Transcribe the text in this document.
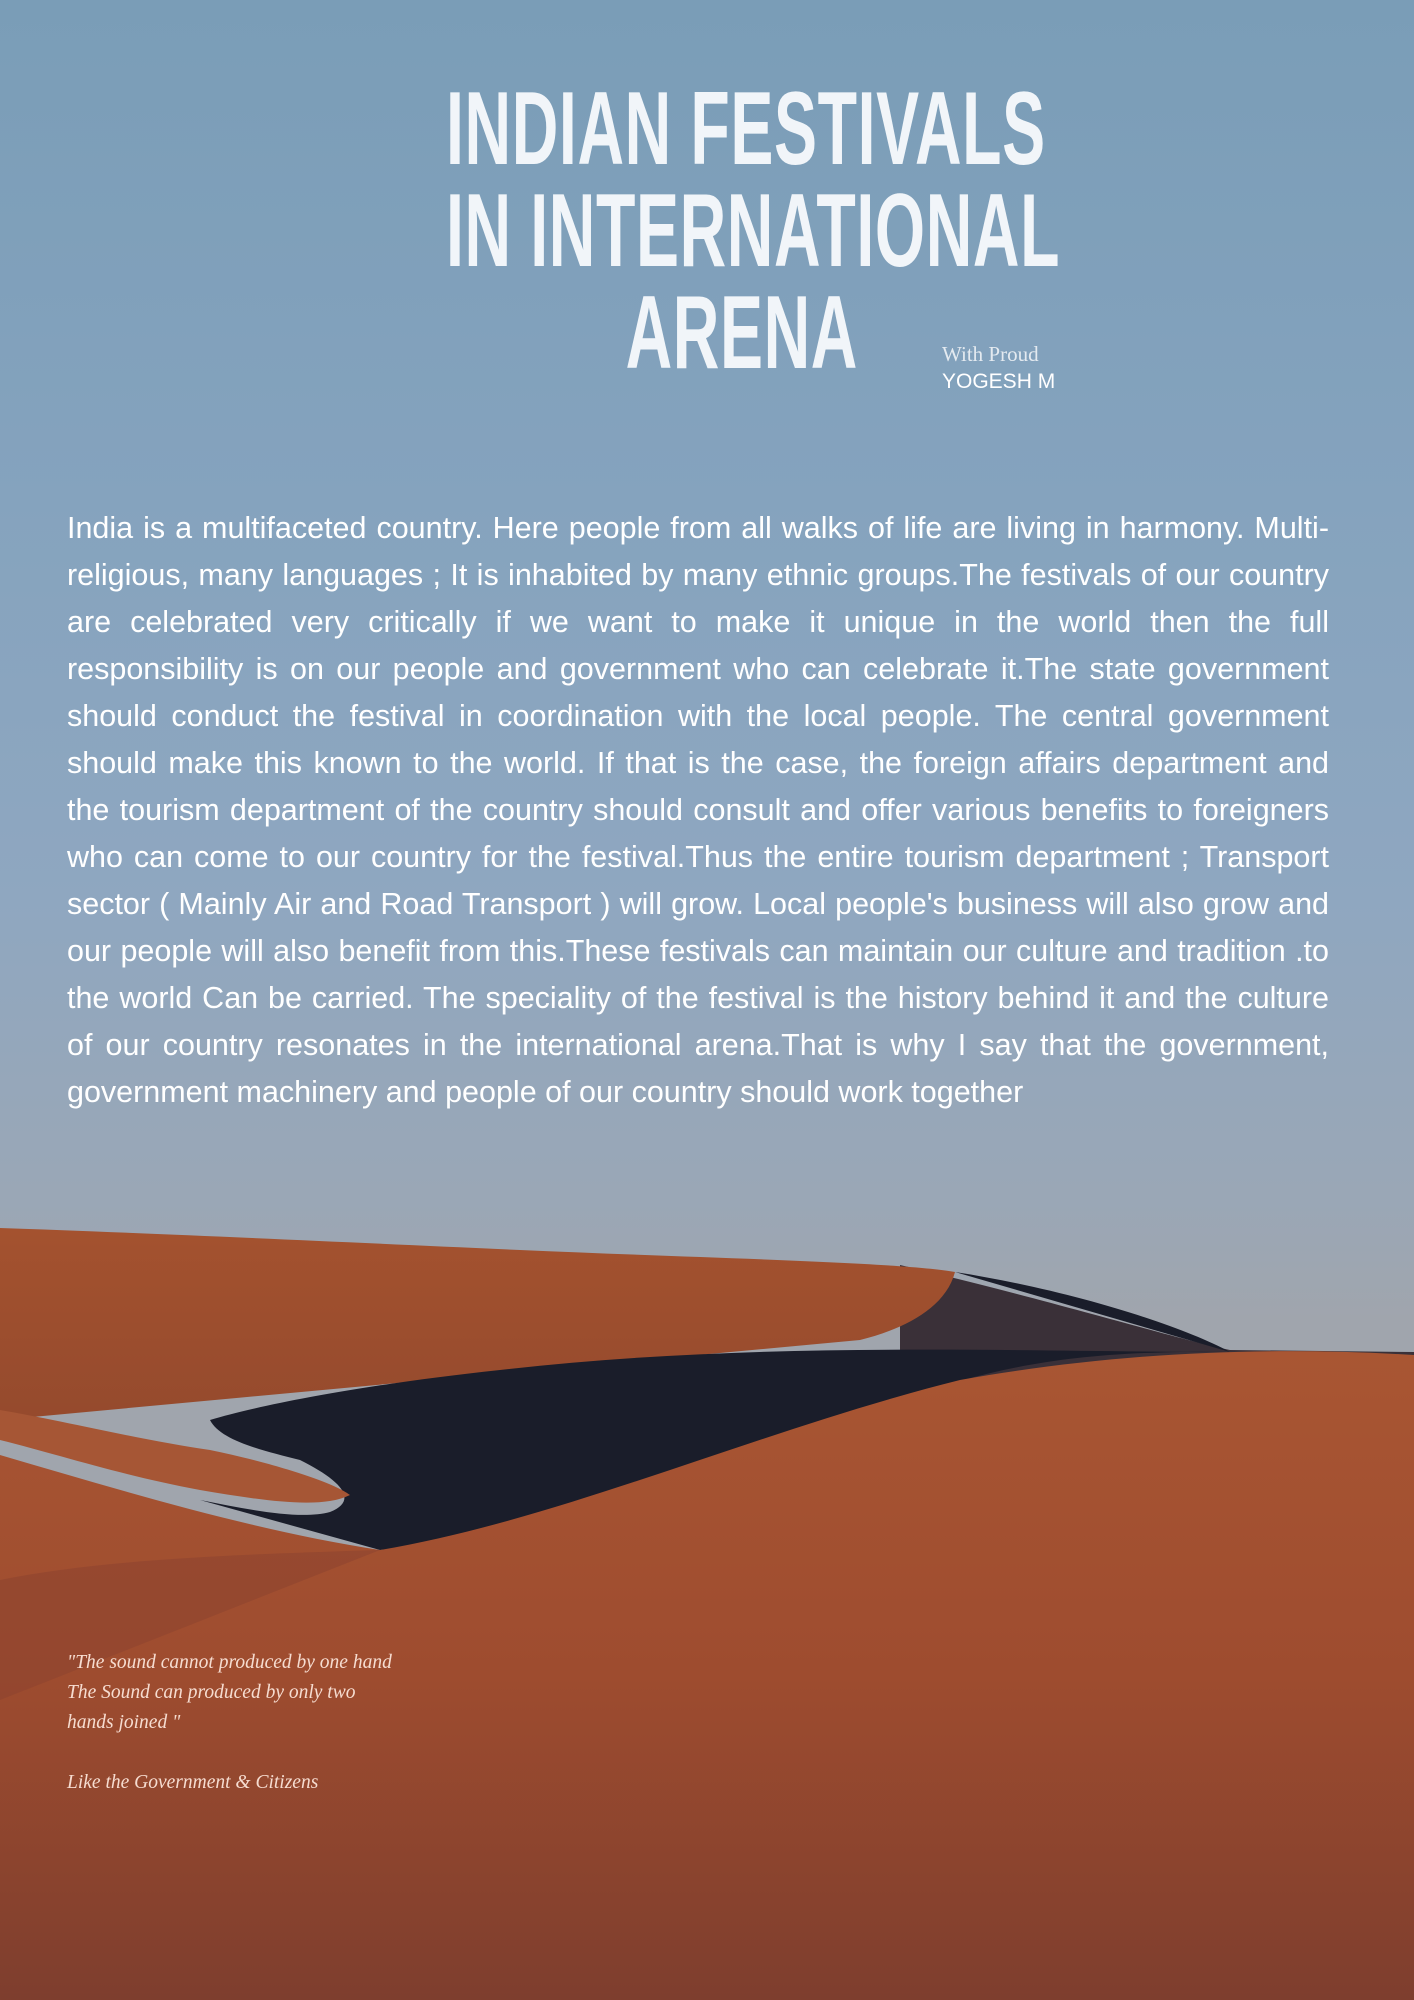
INDIAN FESTIVALS
IN INTERNATIONAL
ARENA	With Proud
YOGESH M

India is a multifaceted country. Here people from all walks of life are living in harmony. Multi-religious, many languages ; It is inhabited by many ethnic groups.The festivals of our country are celebrated very critically if we want to make it unique in the world then the full responsibility is on our people and government who can celebrate it.The state government should conduct the festival in coordination with the local people. The central government should make this known to the world. If that is the case, the foreign affairs department and the tourism department of the country should consult and offer various benefits to foreigners who can come to our country for the festival.Thus the entire tourism department ; Transport sector ( Mainly Air and Road Transport ) will grow. Local people's business will also grow and our people will also benefit from this.These festivals can maintain our culture and tradition .to the world Can be carried. The speciality of the festival is the history behind it and the culture of our country resonates in the international arena.That is why I say that the government, government machinery and people of our country should work together

"The sound cannot produced by one hand
The Sound can produced by only two
hands joined "
Like the Government & Citizens
